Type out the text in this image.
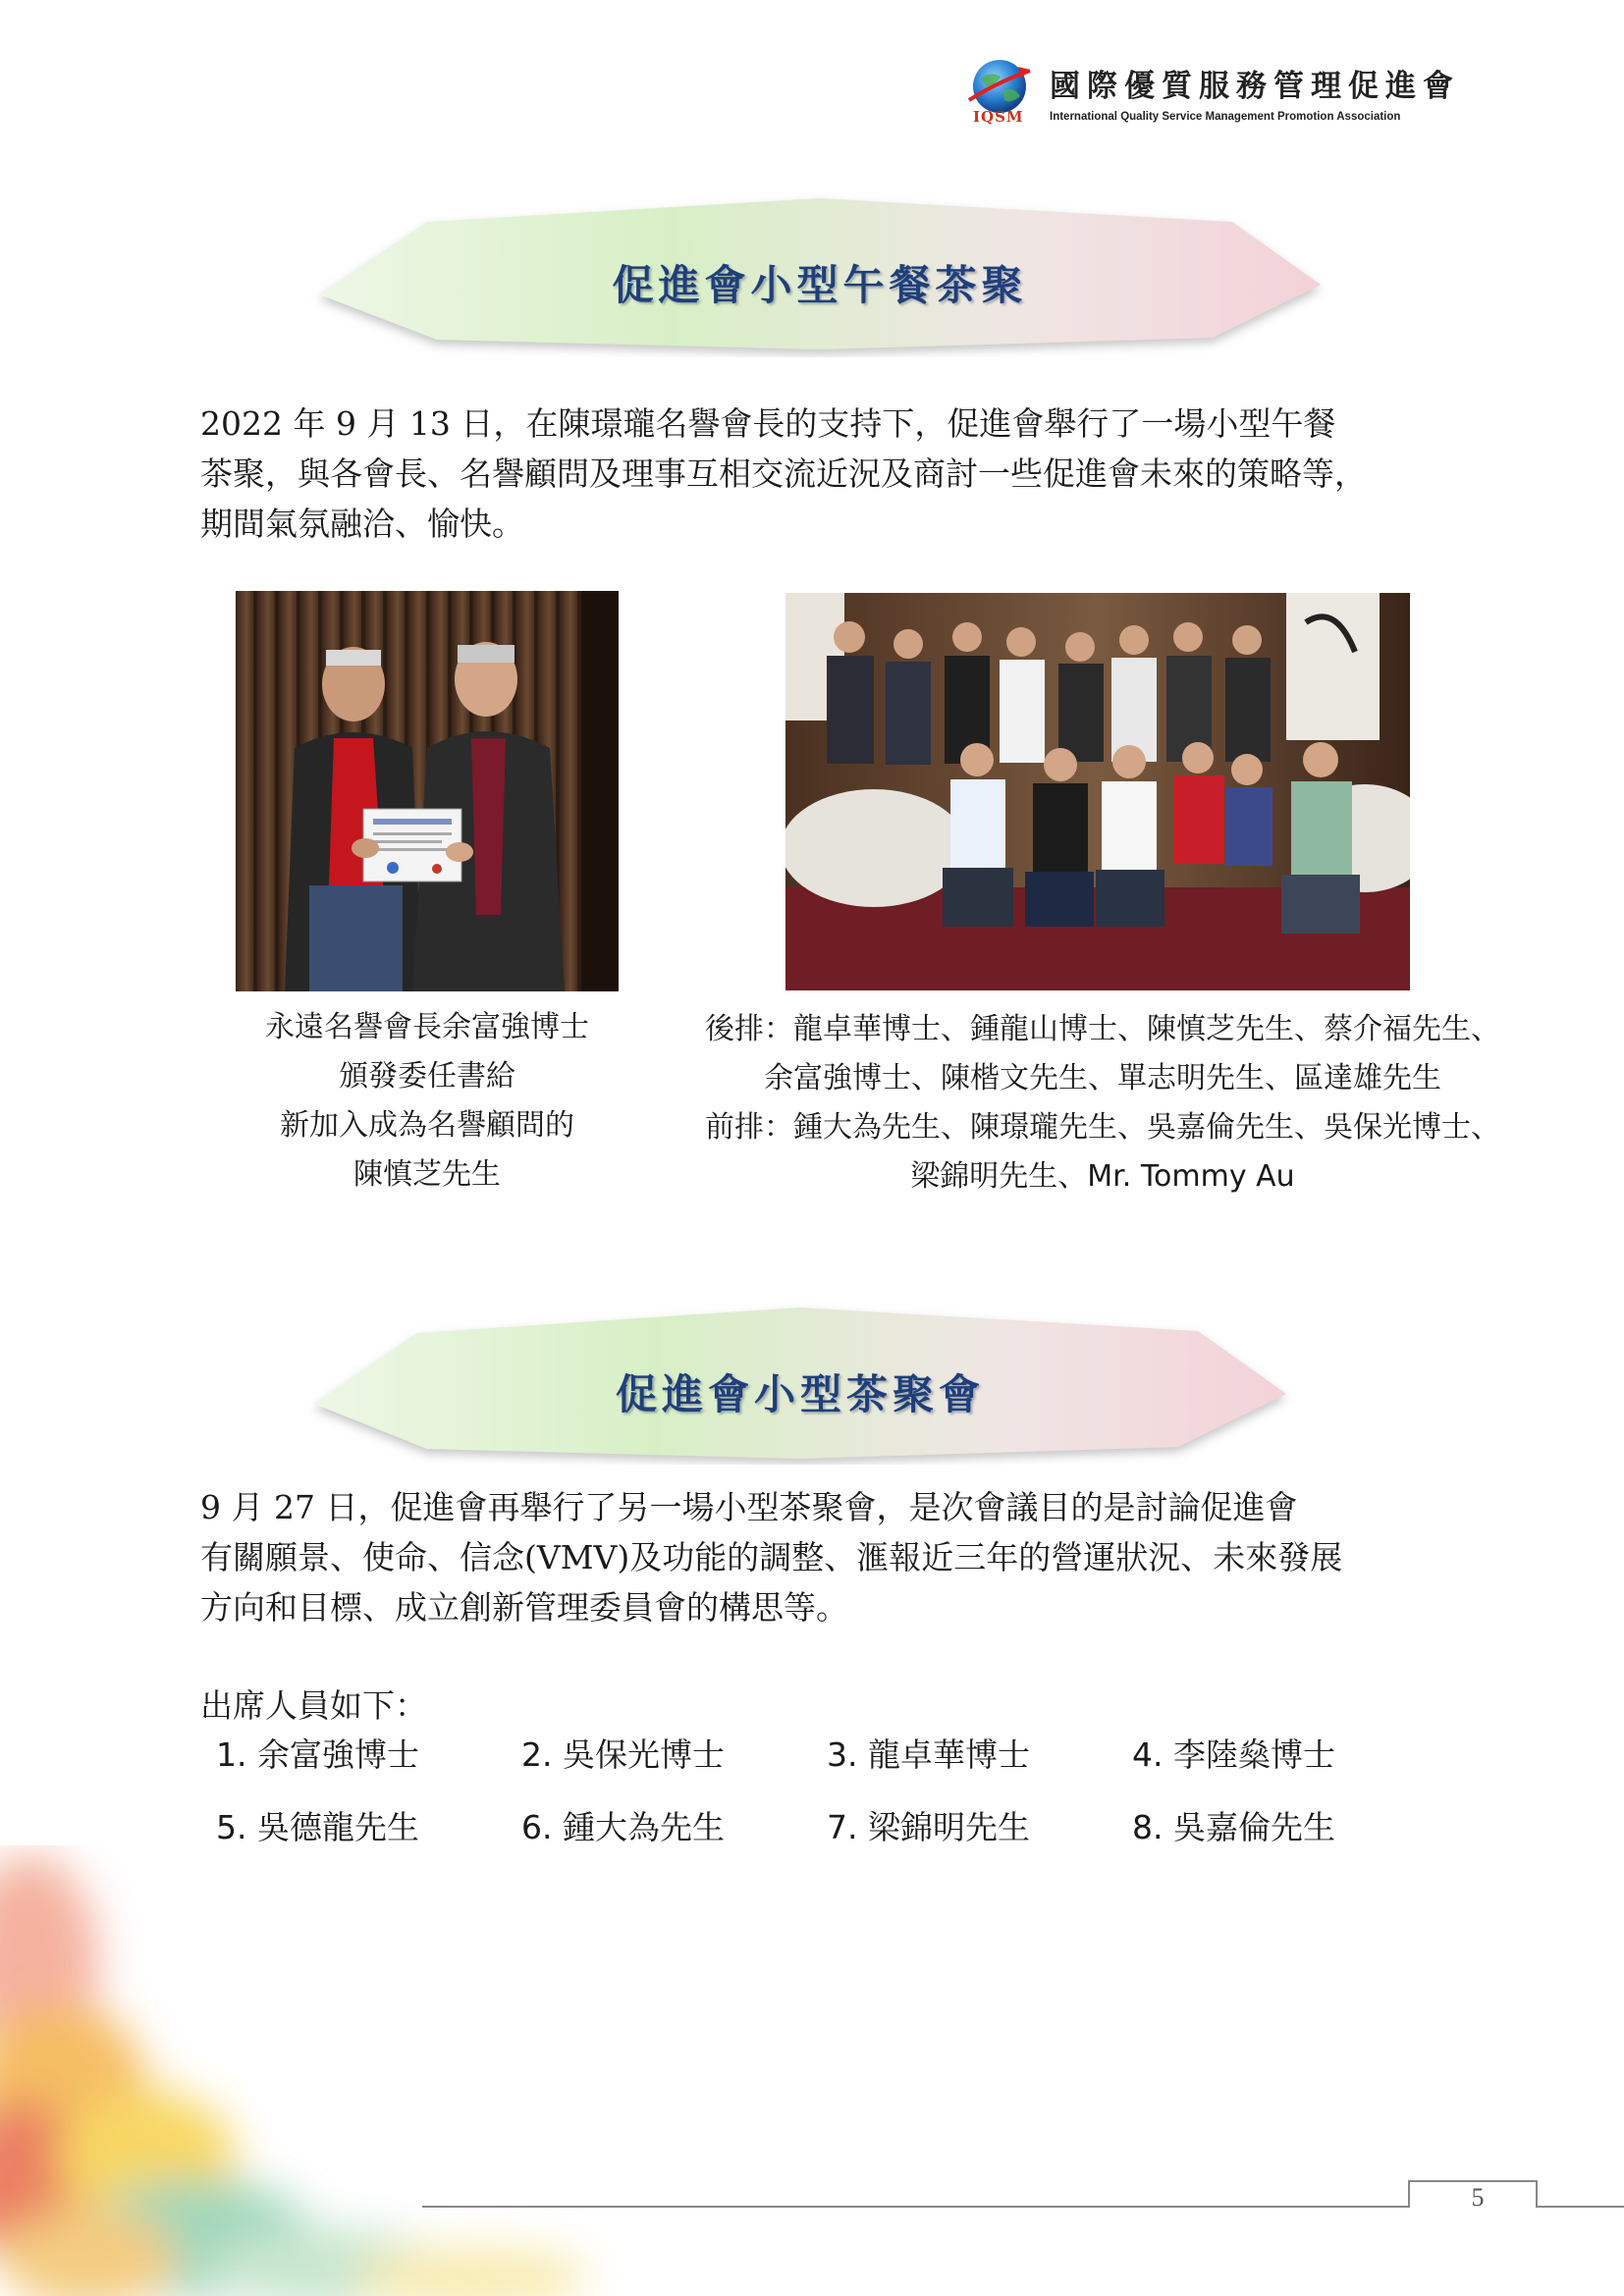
IQSM
國際優質服務管理促進會
International Quality Service Management Promotion Association
促進會小型午餐茶聚

2022 年 9 月 13 日，在陳璟瓏名譽會長的支持下，促進會舉行了一場小型午餐
茶聚，與各會長、名譽顧問及理事互相交流近況及商討一些促進會未來的策略等，
期間氣氛融洽、愉快。

永遠名譽會長余富強博士
頒發委任書給
新加入成為名譽顧問的
陳慎芝先生

後排：龍卓華博士、鍾龍山博士、陳慎芝先生、蔡介福先生、
余富強博士、陳楷文先生、單志明先生、區達雄先生
前排：鍾大為先生、陳璟瓏先生、吳嘉倫先生、吳保光博士、
梁錦明先生、Mr. Tommy Au

促進會小型茶聚會

9 月 27 日，促進會再舉行了另一場小型茶聚會，是次會議目的是討論促進會
有關願景、使命、信念(VMV)及功能的調整、滙報近三年的營運狀況、未來發展
方向和目標、成立創新管理委員會的構思等。

出席人員如下：
1. 余富強博士	2. 吳保光博士	3. 龍卓華博士	4. 李陸燊博士
5. 吳德龍先生	6. 鍾大為先生	7. 梁錦明先生	8. 吳嘉倫先生
5
